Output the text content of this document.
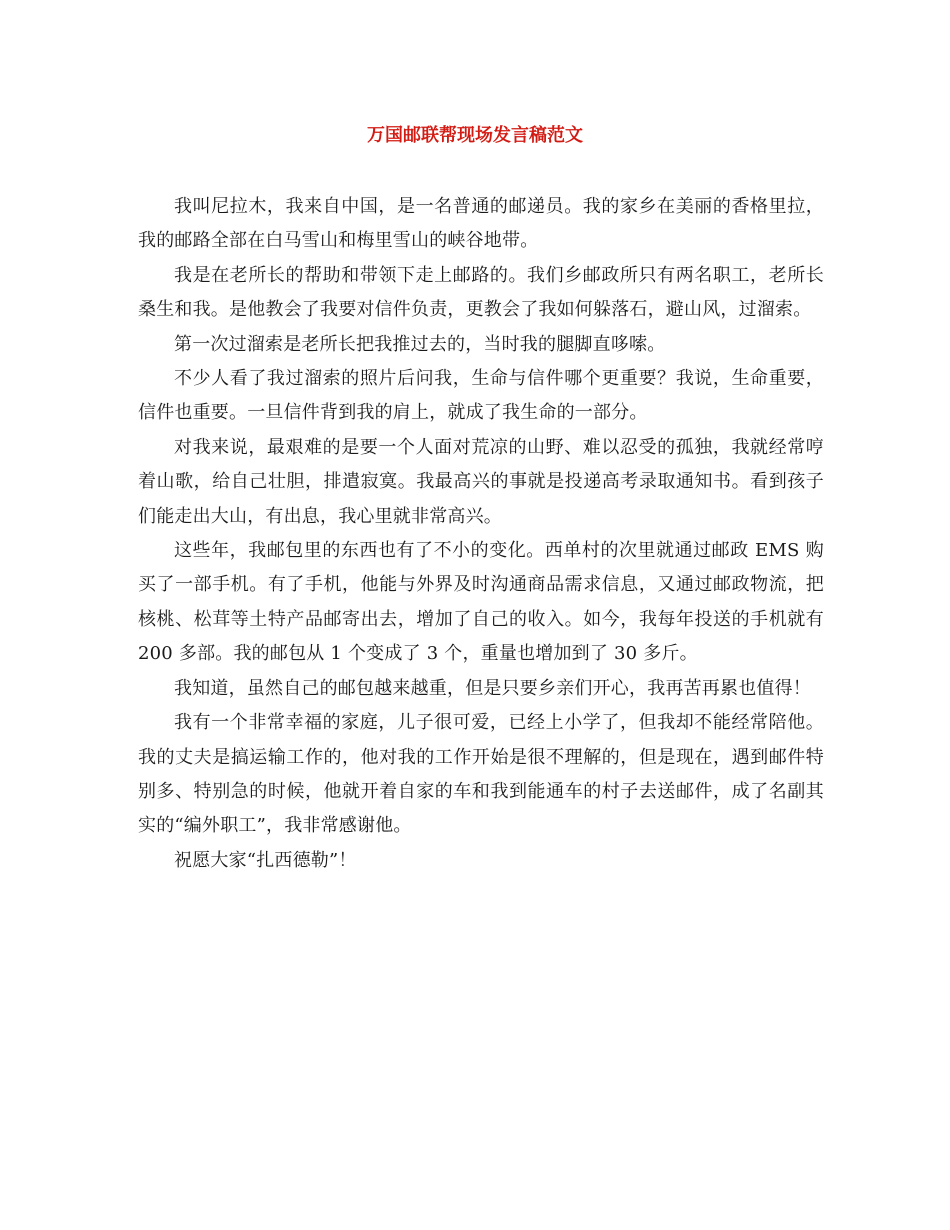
万国邮联帮现场发言稿范文

我叫尼拉木，我来自中国，是一名普通的邮递员。我的家乡在美丽的香格里拉，我的邮路全部在白马雪山和梅里雪山的峡谷地带。

我是在老所长的帮助和带领下走上邮路的。我们乡邮政所只有两名职工，老所长桑生和我。是他教会了我要对信件负责，更教会了我如何躲落石，避山风，过溜索。

第一次过溜索是老所长把我推过去的，当时我的腿脚直哆嗦。

不少人看了我过溜索的照片后问我，生命与信件哪个更重要？我说，生命重要，信件也重要。一旦信件背到我的肩上，就成了我生命的一部分。

对我来说，最艰难的是要一个人面对荒凉的山野、难以忍受的孤独，我就经常哼着山歌，给自己壮胆，排遣寂寞。我最高兴的事就是投递高考录取通知书。看到孩子们能走出大山，有出息，我心里就非常高兴。

这些年，我邮包里的东西也有了不小的变化。西单村的次里就通过邮政 EMS 购买了一部手机。有了手机，他能与外界及时沟通商品需求信息，又通过邮政物流，把核桃、松茸等土特产品邮寄出去，增加了自己的收入。如今，我每年投送的手机就有 200 多部。我的邮包从 1 个变成了 3 个，重量也增加到了 30 多斤。

我知道，虽然自己的邮包越来越重，但是只要乡亲们开心，我再苦再累也值得！

我有一个非常幸福的家庭，儿子很可爱，已经上小学了，但我却不能经常陪他。我的丈夫是搞运输工作的，他对我的工作开始是很不理解的，但是现在，遇到邮件特别多、特别急的时候，他就开着自家的车和我到能通车的村子去送邮件，成了名副其实的“编外职工”，我非常感谢他。

祝愿大家“扎西德勒”！
